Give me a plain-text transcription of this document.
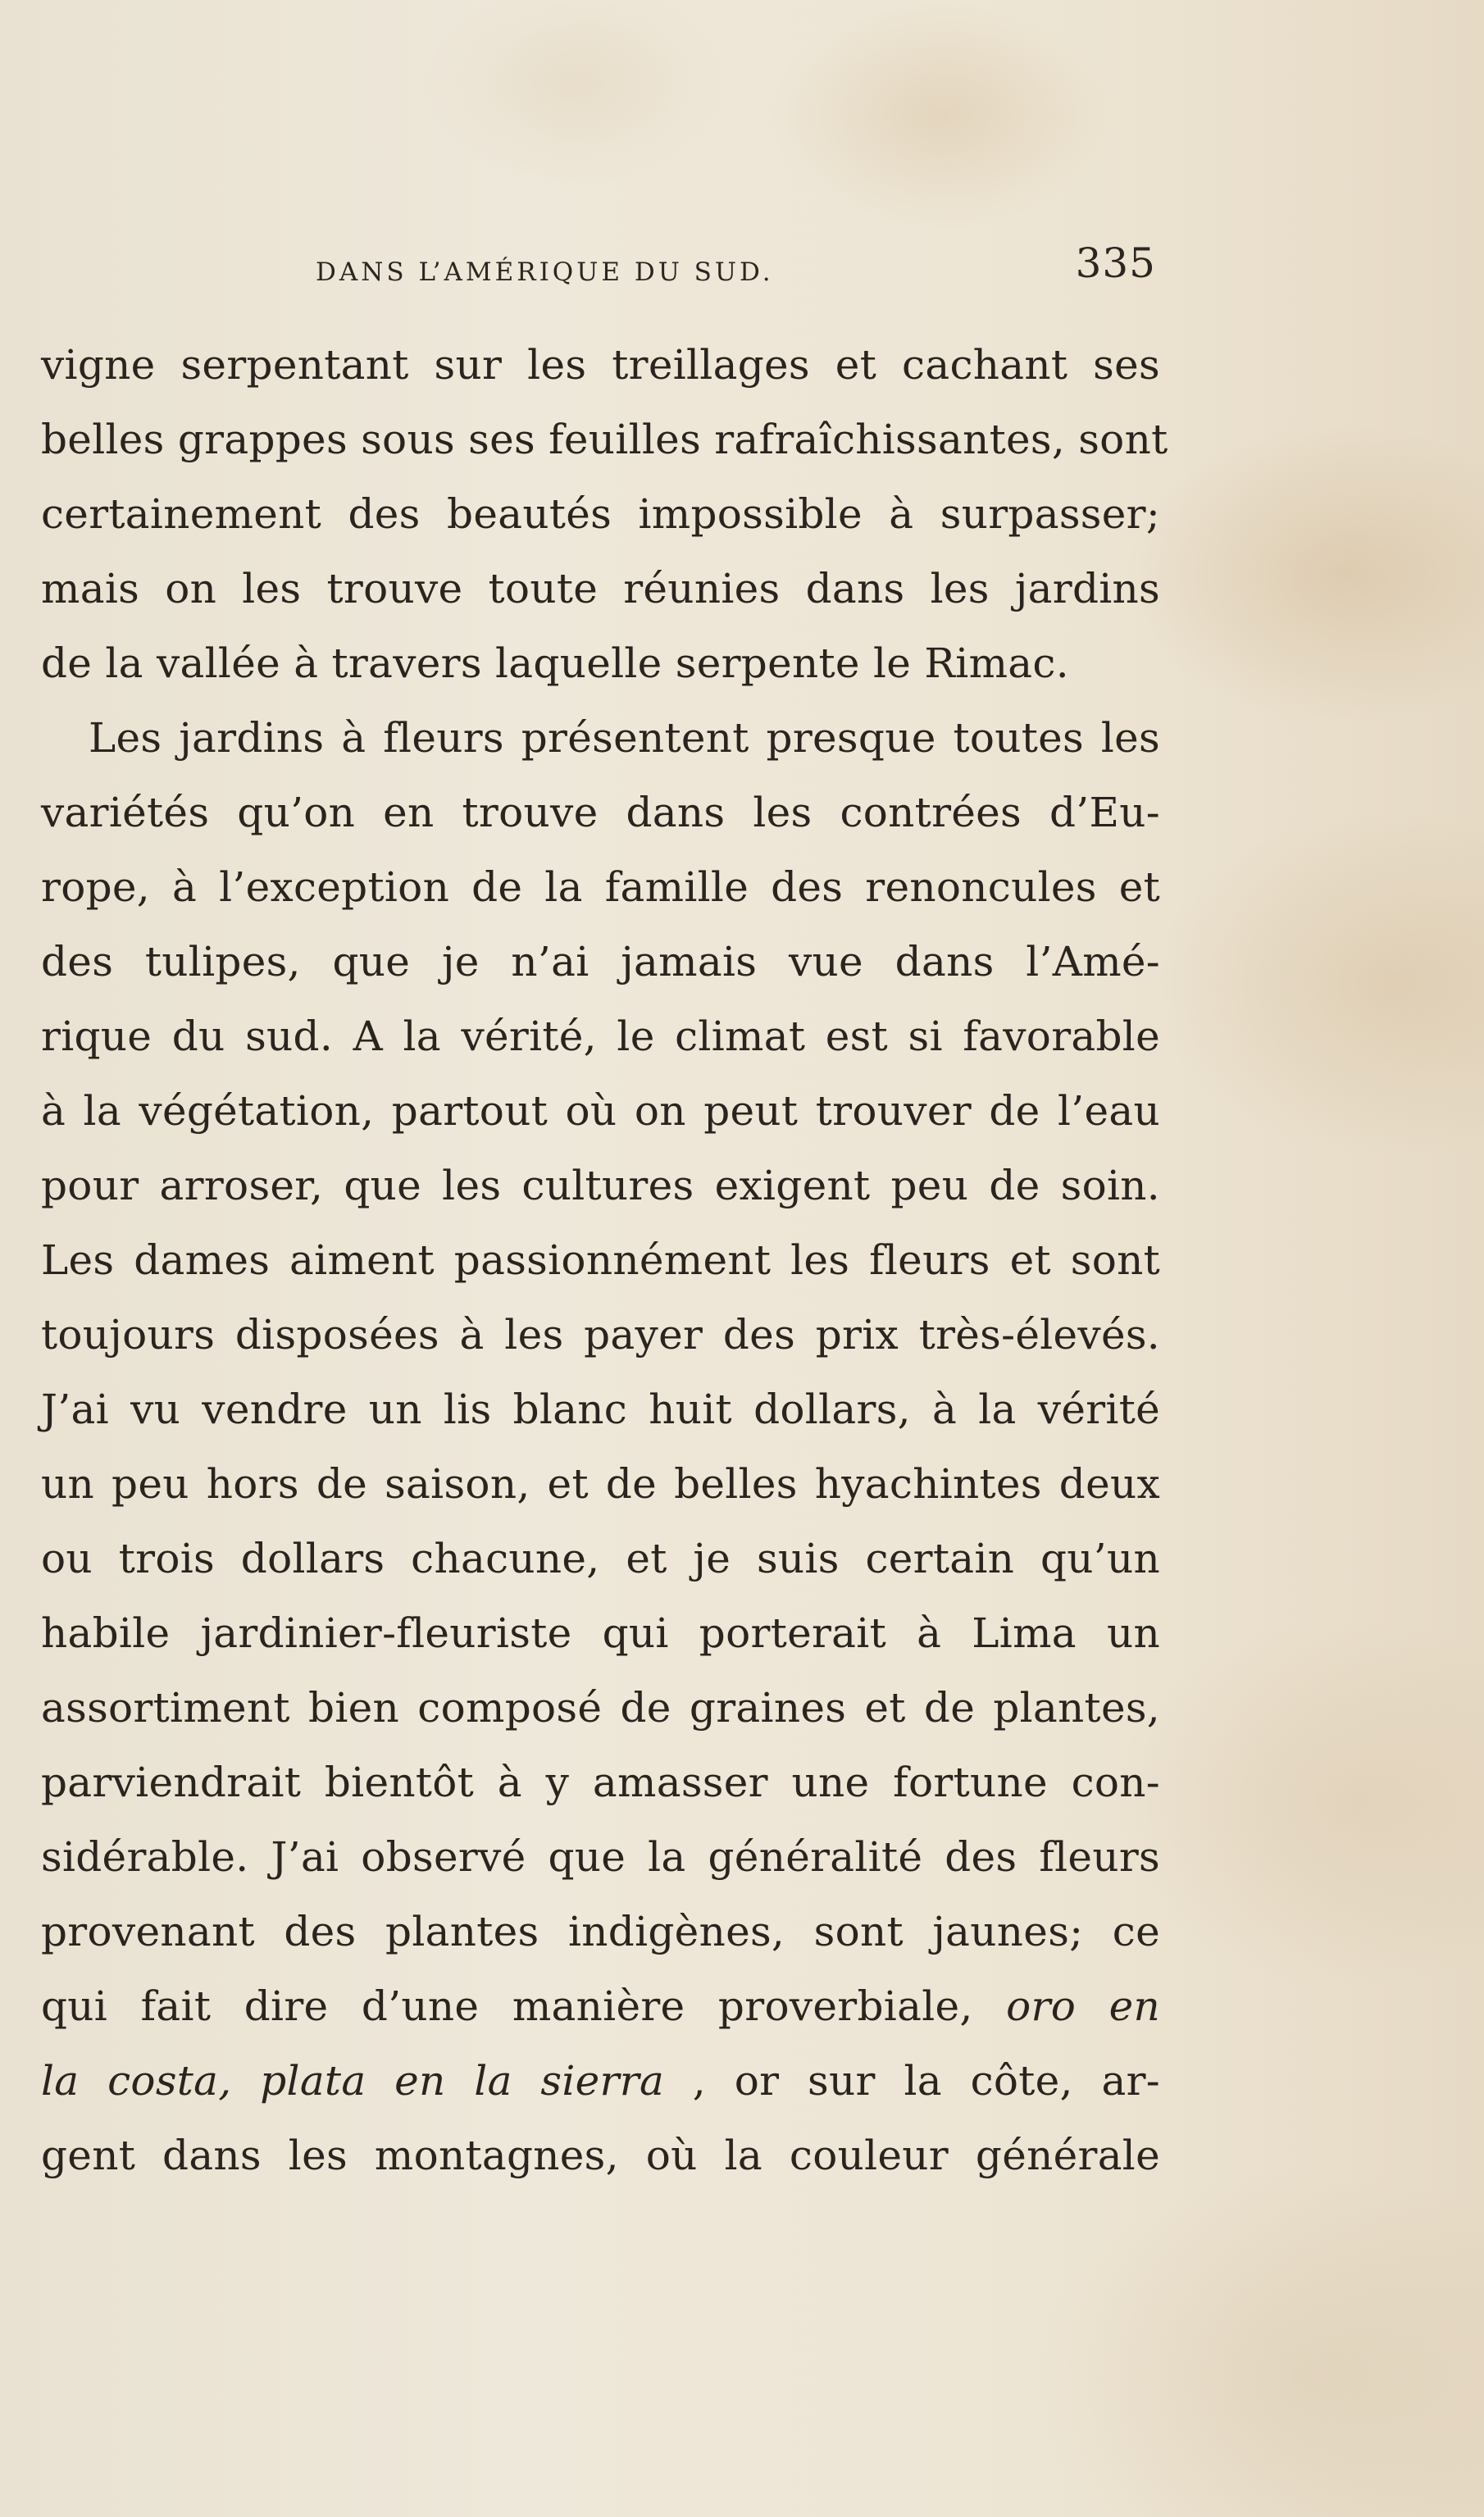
DANS L’AMÉRIQUE DU SUD.	335
vigne serpentant sur les treillages et cachant ses
belles grappes sous ses feuilles rafraîchissantes, sont
certainement des beautés impossible à surpasser;
mais on les trouve toute réunies dans les jardins
de la vallée à travers laquelle serpente le Rimac.
Les jardins à fleurs présentent presque toutes les
variétés qu’on en trouve dans les contrées d’Eu-
rope, à l’exception de la famille des renoncules et
des tulipes, que je n’ai jamais vue dans l’Amé-
rique du sud. A la vérité, le climat est si favorable
à la végétation, partout où on peut trouver de l’eau
pour arroser, que les cultures exigent peu de soin.
Les dames aiment passionnément les fleurs et sont
toujours disposées à les payer des prix très-élevés.
J’ai vu vendre un lis blanc huit dollars, à la vérité
un peu hors de saison, et de belles hyachintes deux
ou trois dollars chacune, et je suis certain qu’un
habile jardinier-fleuriste qui porterait à Lima un
assortiment bien composé de graines et de plantes,
parviendrait bientôt à y amasser une fortune con-
sidérable. J’ai observé que la généralité des fleurs
provenant des plantes indigènes, sont jaunes; ce
qui fait dire d’une manière proverbiale, oro en
la costa, plata en la sierra , or sur la côte, ar-
gent dans les montagnes, où la couleur générale
